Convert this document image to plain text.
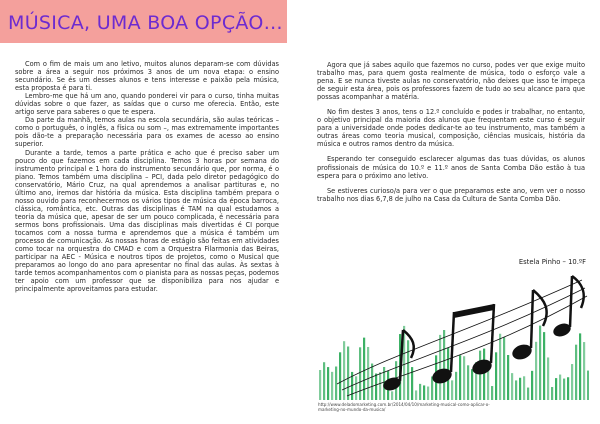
MÚSICA, UMA BOA OPÇÃO…

Com o fim de mais um ano letivo, muitos alunos deparam-se com dúvidas sobre a área a seguir nos próximos 3 anos de um nova etapa: o ensino secundário. Se és um desses alunos e tens interesse e paixão pela música, esta proposta é para ti.

Lembro-me que há um ano, quando ponderei vir para o curso, tinha muitas dúvidas sobre o que fazer, as saídas que o curso me oferecia. Então, este artigo serve para saberes o que te espera.

Da parte da manhã, temos aulas na escola secundária, são aulas teóricas – como o português, o inglês, a física ou som –, mas extremamente importantes pois dão-te a preparação necessária para os exames de acesso ao ensino superior.

Durante a tarde, temos a parte prática e acho que é preciso saber um pouco do que fazemos em cada disciplina. Temos 3 horas por semana do instrumento principal e 1 hora do instrumento secundário que, por norma, é o piano. Temos também uma disciplina – PCI, dada pelo diretor pedagógico do conservatório, Mário Cruz, na qual aprendemos a analisar partituras e, no último ano, iremos dar história da música. Esta disciplina também prepara o nosso ouvido para reconhecermos os vários tipos de música da época barroca, clássica, romântica, etc. Outras das disciplinas é TAM na qual estudamos a teoria da música que, apesar de ser um pouco complicada, é necessária para sermos bons profissionais. Uma das disciplinas mais divertidas é CI porque tocamos com a nossa turma e aprendemos que a música é também um processo de comunicação. As nossas horas de estágio são feitas em atividades como tocar na orquestra do CMAD e com a Orquestra Filarmonia das Beiras, participar na AEC - Música e noutros tipos de projetos, como o Musical que preparamos ao longo do ano para apresentar no final das aulas. Às sextas à tarde temos acompanhamentos com o pianista para as nossas peças, podemos ter apoio com um professor que se disponibiliza para nos ajudar e principalmente aproveitamos para estudar.

Agora que já sabes aquilo que fazemos no curso, podes ver que exige muito trabalho mas, para quem gosta realmente de música, todo o esforço vale a pena. E se nunca tiveste aulas no conservatório, não deixes que isso te impeça de seguir esta área, pois os professores fazem de tudo ao seu alcance para que possas acompanhar a matéria.

No fim destes 3 anos, tens o 12.º concluído e podes ir trabalhar, no entanto, o objetivo principal da maioria dos alunos que frequentam este curso é seguir para a universidade onde podes dedicar-te ao teu instrumento, mas também a outras áreas como teoria musical, composição, ciências musicais, história da música e outros ramos dentro da música.

Esperando ter conseguido esclarecer algumas das tuas dúvidas, os alunos profissionais de música do 10.º e 11.º anos de Santa Comba Dão estão à tua espera para o próximo ano letivo.

Se estiveres curioso/a para ver o que preparamos este ano, vem ver o nosso trabalho nos dias 6,7,8 de julho na Casa da Cultura de Santa Comba Dão.

Estela Pinho – 10.ºF
http://www.deladomarketing.com.br/2014/04/10/marketing-musical-como-aplicar-o-marketing-no-mundo-da-musica/
